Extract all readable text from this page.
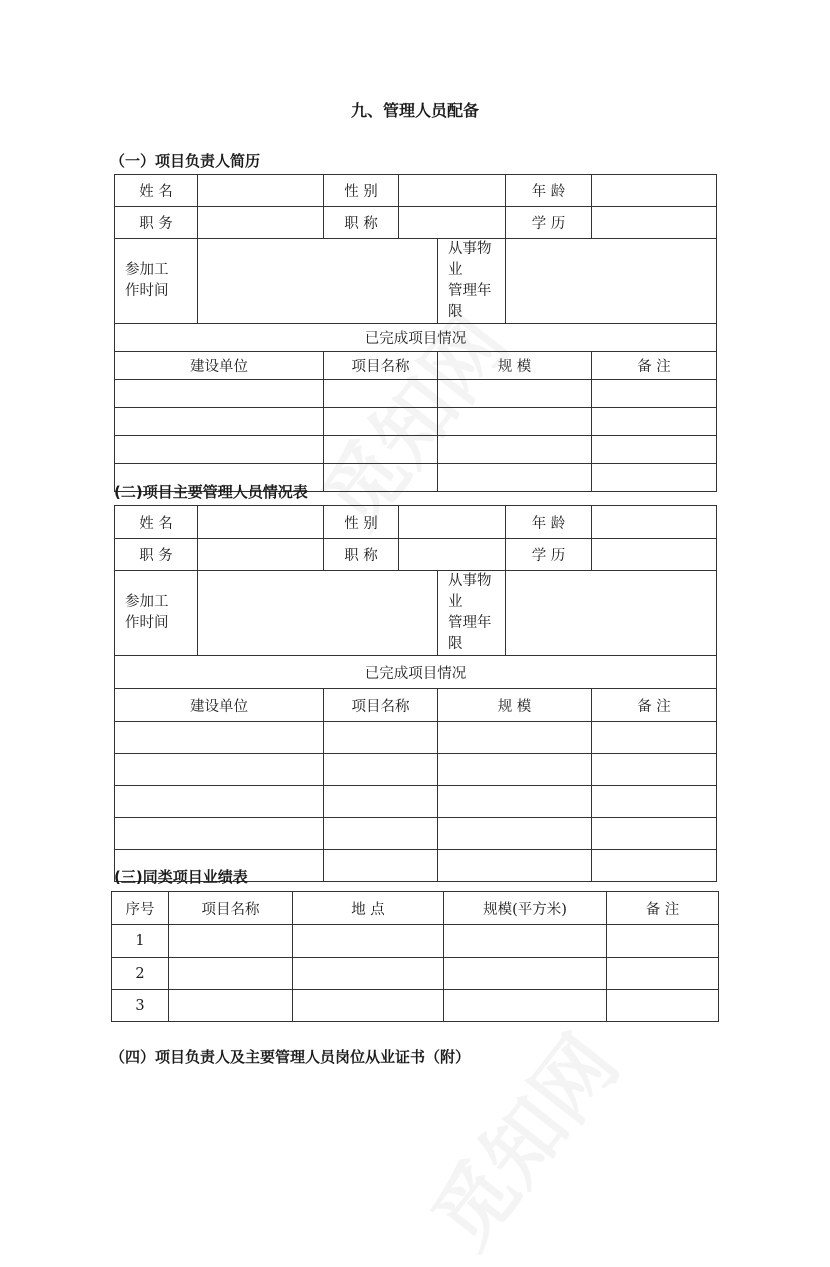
九、管理人员配备
（一）项目负责人简历
姓 名		性 别			年 龄	
职 务		职 称			学 历	

参加工
作时间				从事物业
管理年限		

已完成项目情况						
建设单位		项目名称		规 模		备 注

(二)项目主要管理人员情况表
姓 名		性 别			年 龄	
职 务		职 称			学 历	

参加工
作时间				从事物业
管理年限		

已完成项目情况						
建设单位		项目名称		规 模		备 注

(三)同类项目业绩表
序号	项目名称	地 点	规模(平方米)	备 注
1				
2				
3				
（四）项目负责人及主要管理人员岗位从业证书（附）
